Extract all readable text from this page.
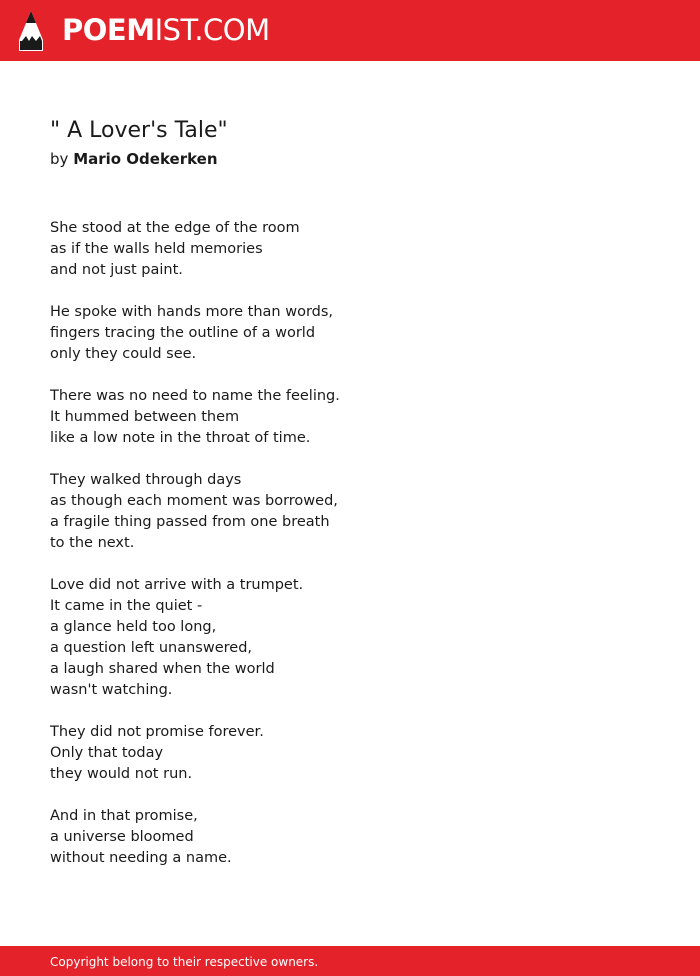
POEMIST.COM
" A Lover's Tale"
by Mario Odekerken
She stood at the edge of the room
as if the walls held memories
and not just paint.
He spoke with hands more than words,
fingers tracing the outline of a world
only they could see.
There was no need to name the feeling.
It hummed between them
like a low note in the throat of time.
They walked through days
as though each moment was borrowed,
a fragile thing passed from one breath
to the next.
Love did not arrive with a trumpet.
It came in the quiet -
a glance held too long,
a question left unanswered,
a laugh shared when the world
wasn't watching.
They did not promise forever.
Only that today
they would not run.
And in that promise,
a universe bloomed
without needing a name.
Copyright belong to their respective owners.
